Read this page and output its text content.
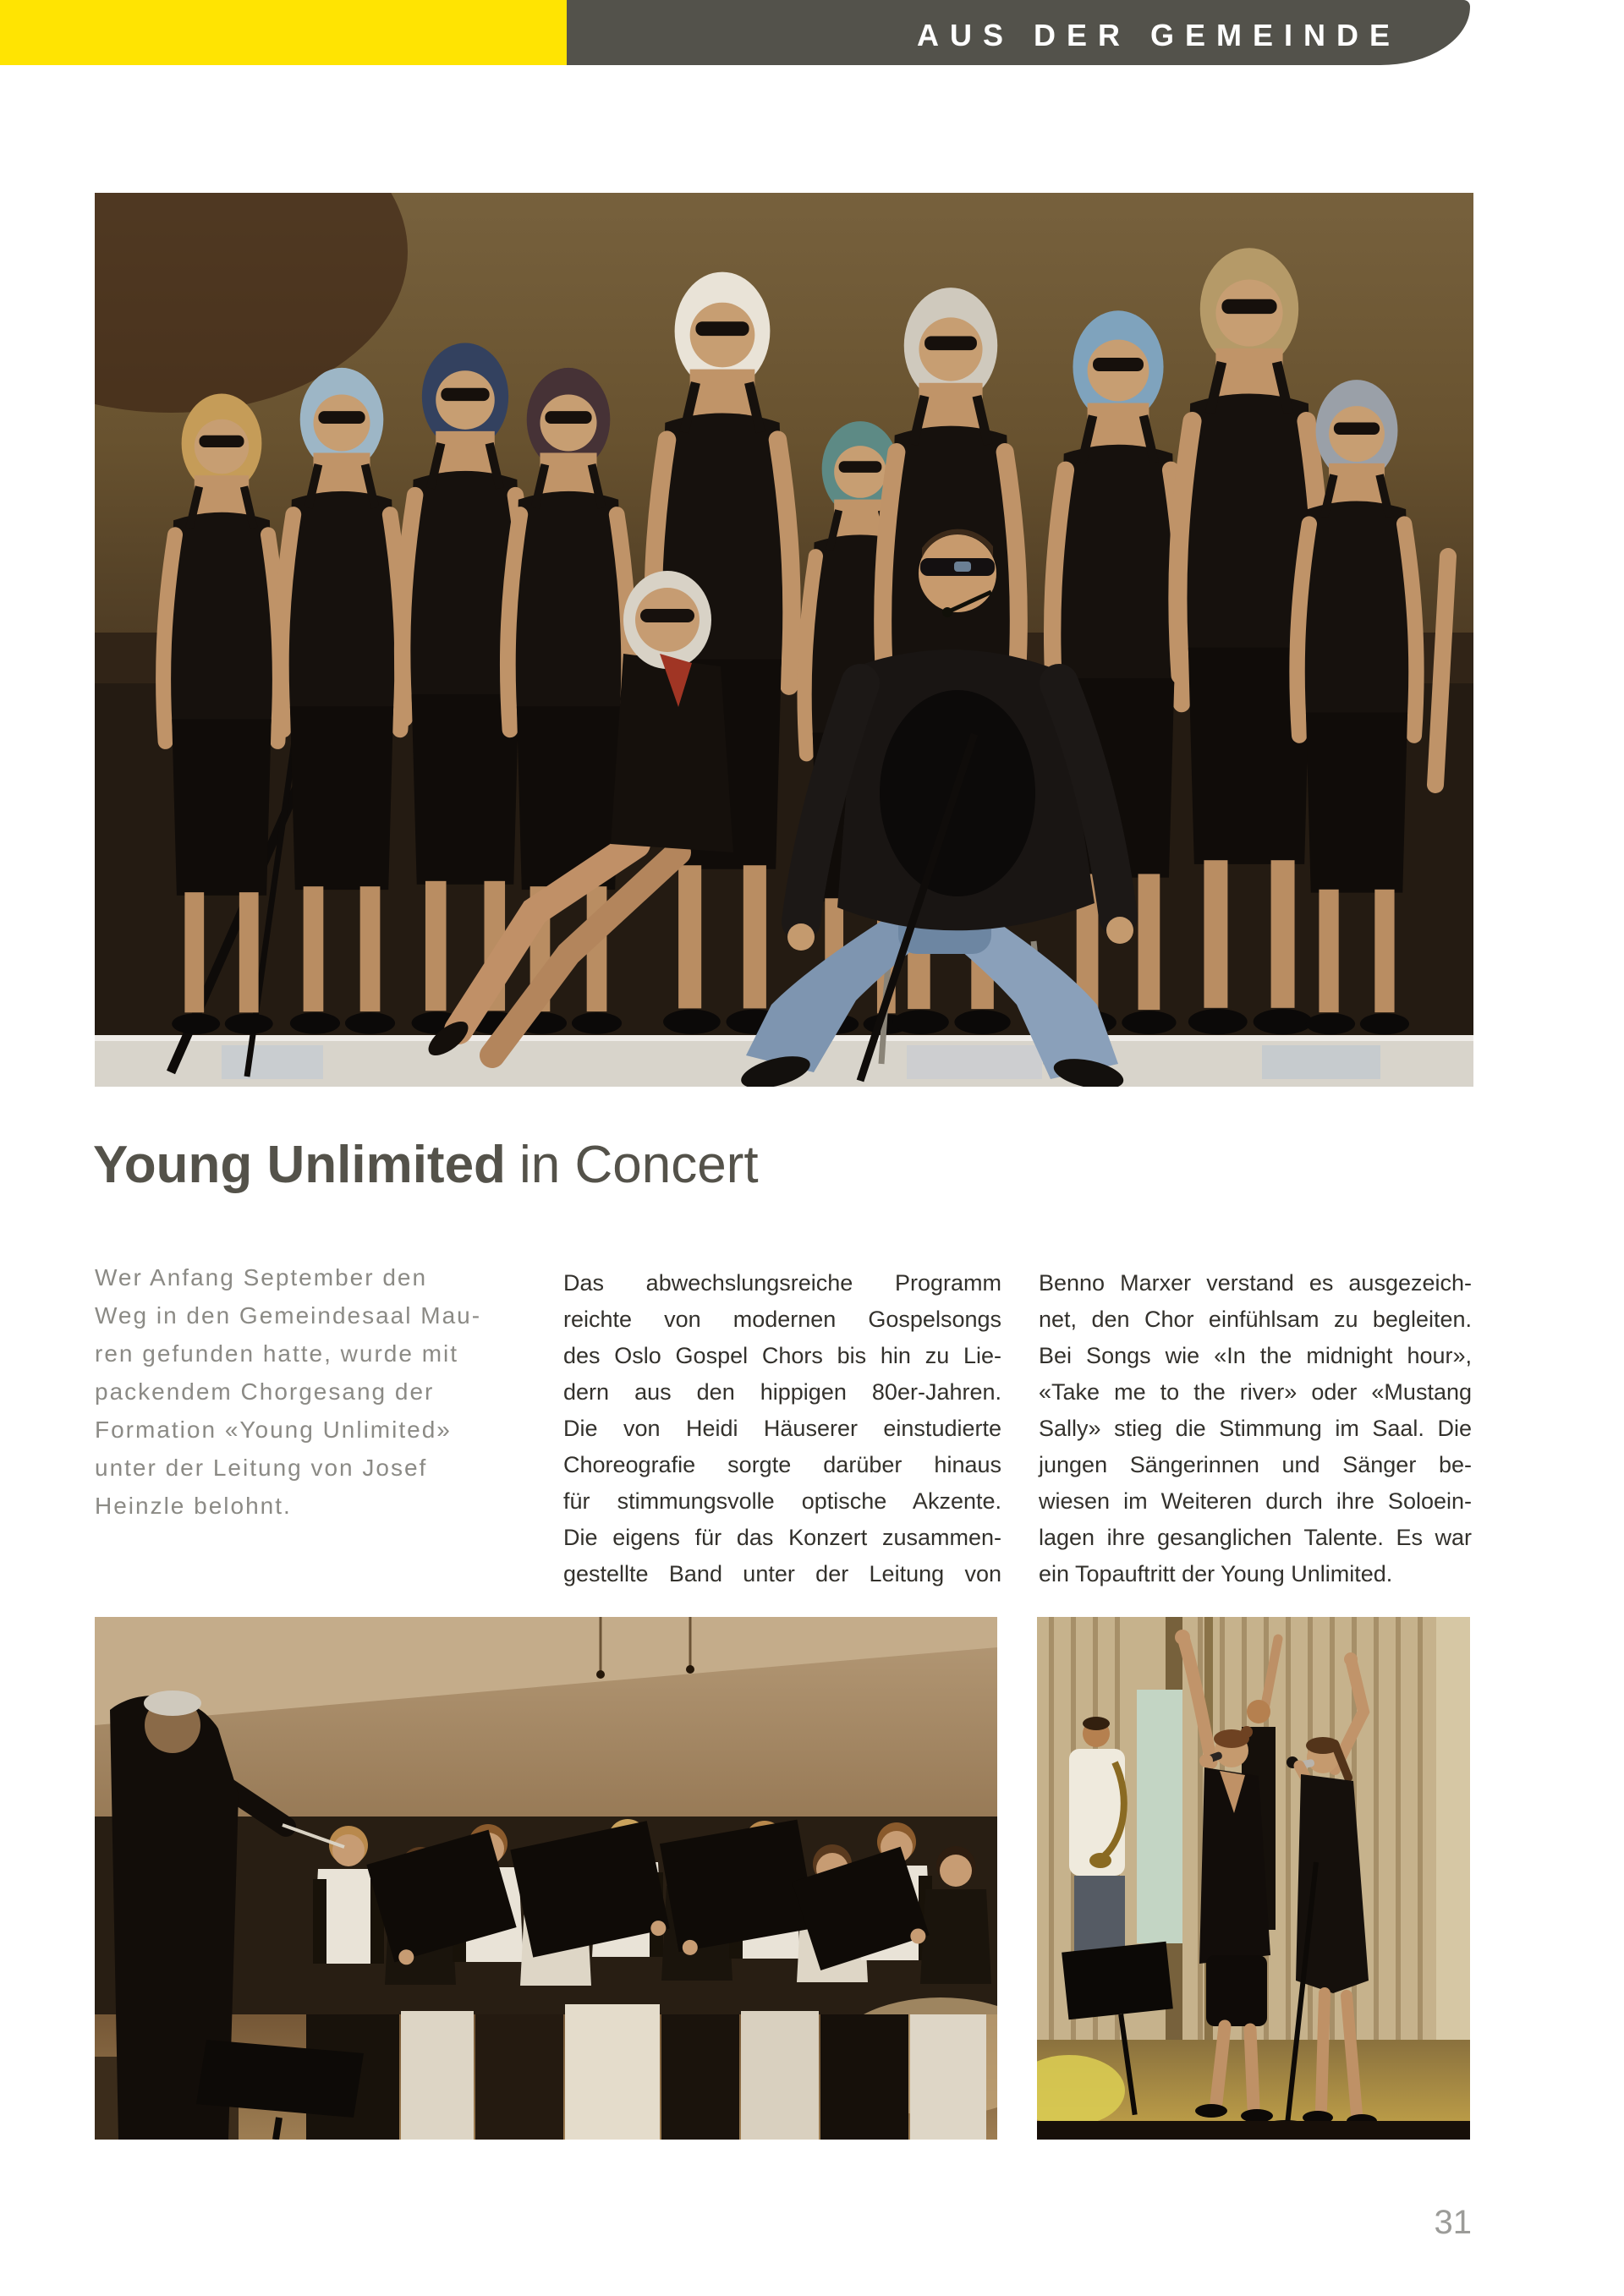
AUS DER GEMEINDE
Young Unlimited in Concert
Wer Anfang September den
Weg in den Gemeindesaal Mau-
ren gefunden hatte, wurde mit
packendem Chorgesang der
Formation «Young Unlimited»
unter der Leitung von Josef
Heinzle belohnt.
Das abwechslungsreiche Programm
reichte von modernen Gospelsongs
des Oslo Gospel Chors bis hin zu Lie-
dern aus den hippigen 80er-Jahren.
Die von Heidi Häuserer einstudierte
Choreografie sorgte darüber hinaus
für stimmungsvolle optische Akzente.
Die eigens für das Konzert zusammen-
gestellte Band unter der Leitung von
Benno Marxer verstand es ausgezeich-
net, den Chor einfühlsam zu begleiten.
Bei Songs wie «In the midnight hour»,
«Take me to the river» oder «Mustang
Sally» stieg die Stimmung im Saal. Die
jungen Sängerinnen und Sänger be-
wiesen im Weiteren durch ihre Soloein-
lagen ihre gesanglichen Talente. Es war
ein Topauftritt der Young Unlimited.
31
